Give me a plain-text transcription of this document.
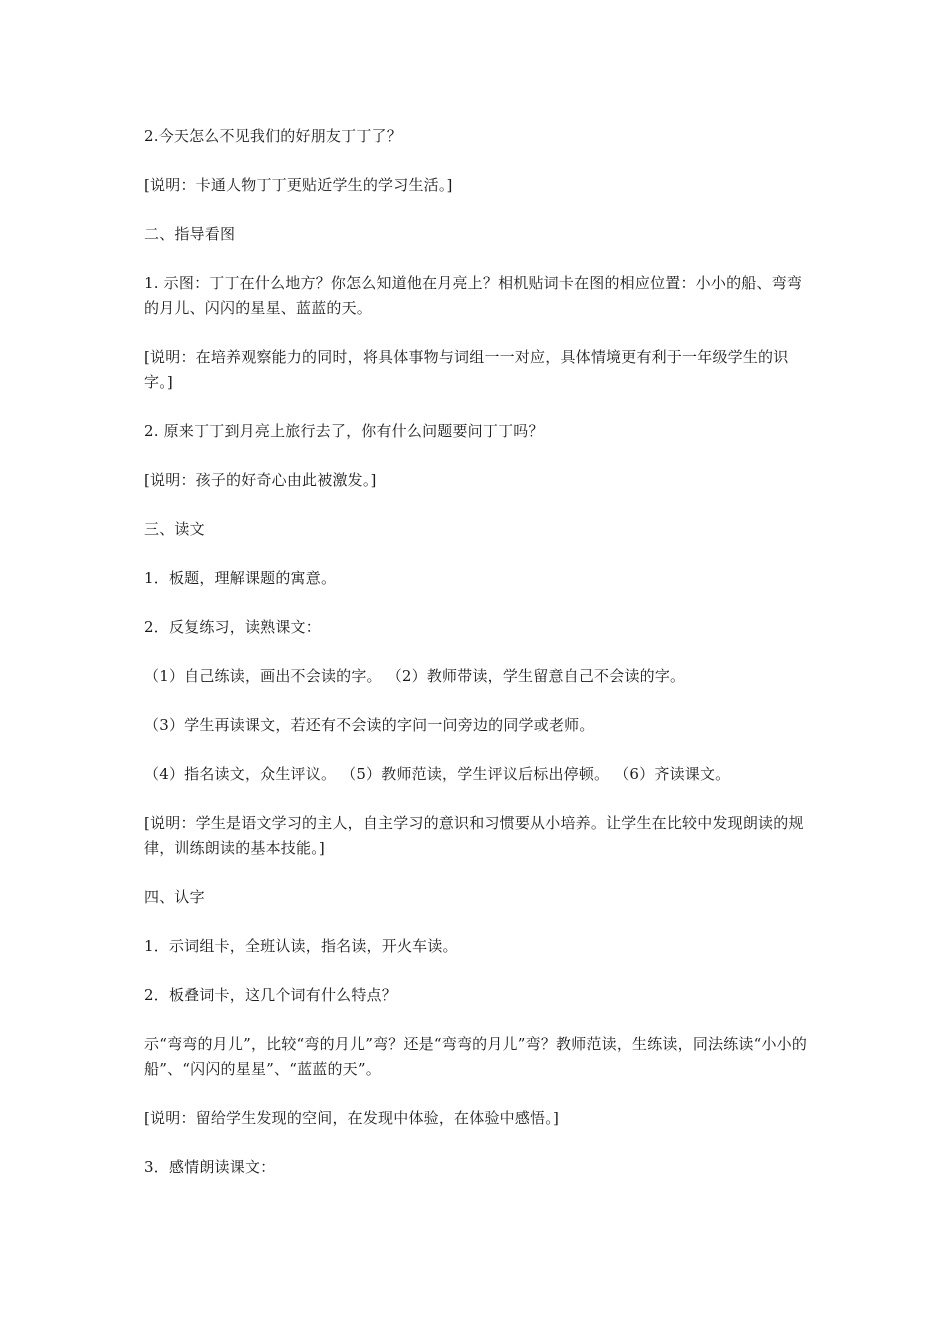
2.今天怎么不见我们的好朋友丁丁了？

[说明：卡通人物丁丁更贴近学生的学习生活。]

二、指导看图

1. 示图：丁丁在什么地方？你怎么知道他在月亮上？相机贴词卡在图的相应位置：小小的船、弯弯的月儿、闪闪的星星、蓝蓝的天。

[说明：在培养观察能力的同时，将具体事物与词组一一对应，具体情境更有利于一年级学生的识字。]

2. 原来丁丁到月亮上旅行去了，你有什么问题要问丁丁吗？

[说明：孩子的好奇心由此被激发。]

三、读文

1．板题，理解课题的寓意。

2．反复练习，读熟课文：

（1）自己练读，画出不会读的字。 （2）教师带读，学生留意自己不会读的字。

（3）学生再读课文，若还有不会读的字问一问旁边的同学或老师。

（4）指名读文，众生评议。 （5）教师范读，学生评议后标出停顿。 （6）齐读课文。

[说明：学生是语文学习的主人，自主学习的意识和习惯要从小培养。让学生在比较中发现朗读的规律，训练朗读的基本技能。]

四、认字

1．示词组卡，全班认读，指名读，开火车读。

2．板叠词卡，这几个词有什么特点？

示“弯弯的月儿”，比较“弯的月儿”弯？还是“弯弯的月儿”弯？教师范读，生练读，同法练读“小小的船”、“闪闪的星星”、“蓝蓝的天”。

[说明：留给学生发现的空间，在发现中体验，在体验中感悟。]

3．感情朗读课文：
